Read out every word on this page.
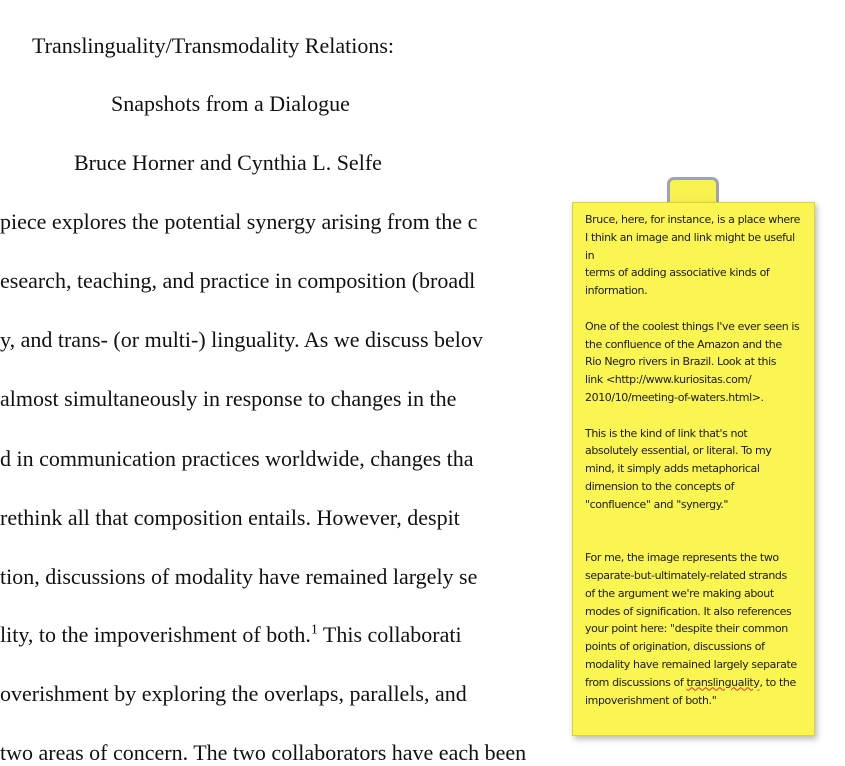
Translinguality/Transmodality Relations:
Snapshots from a Dialogue
Bruce Horner and Cynthia L. Selfe
piece explores the potential synergy arising from the c
esearch, teaching, and practice in composition (broadl
y, and trans- (or multi-) linguality. As we discuss belov
almost simultaneously in response to changes in the
d in communication practices worldwide, changes tha
rethink all that composition entails. However, despit
tion, discussions of modality have remained largely se
lity, to the impoverishment of both.$^1$ This collaborati
overishment by exploring the overlaps, parallels, and
two areas of concern. The two collaborators have each been

Bruce, here, for instance, is a place where
I think an image and link might be useful in
terms of adding associative kinds of
information.

One of the coolest things I've ever seen is
the confluence of the Amazon and the
Rio Negro rivers in Brazil. Look at this
link <http://www.kuriositas.com/
2010/10/meeting-of-waters.html>.

This is the kind of link that's not
absolutely essential, or literal. To my
mind, it simply adds metaphorical
dimension to the concepts of
"confluence" and "synergy."

For me, the image represents the two
separate-but-ultimately-related strands
of the argument we're making about
modes of signification. It also references
your point here: "despite their common
points of origination, discussions of
modality have remained largely separate
from discussions of translinguality, to the
impoverishment of both."
